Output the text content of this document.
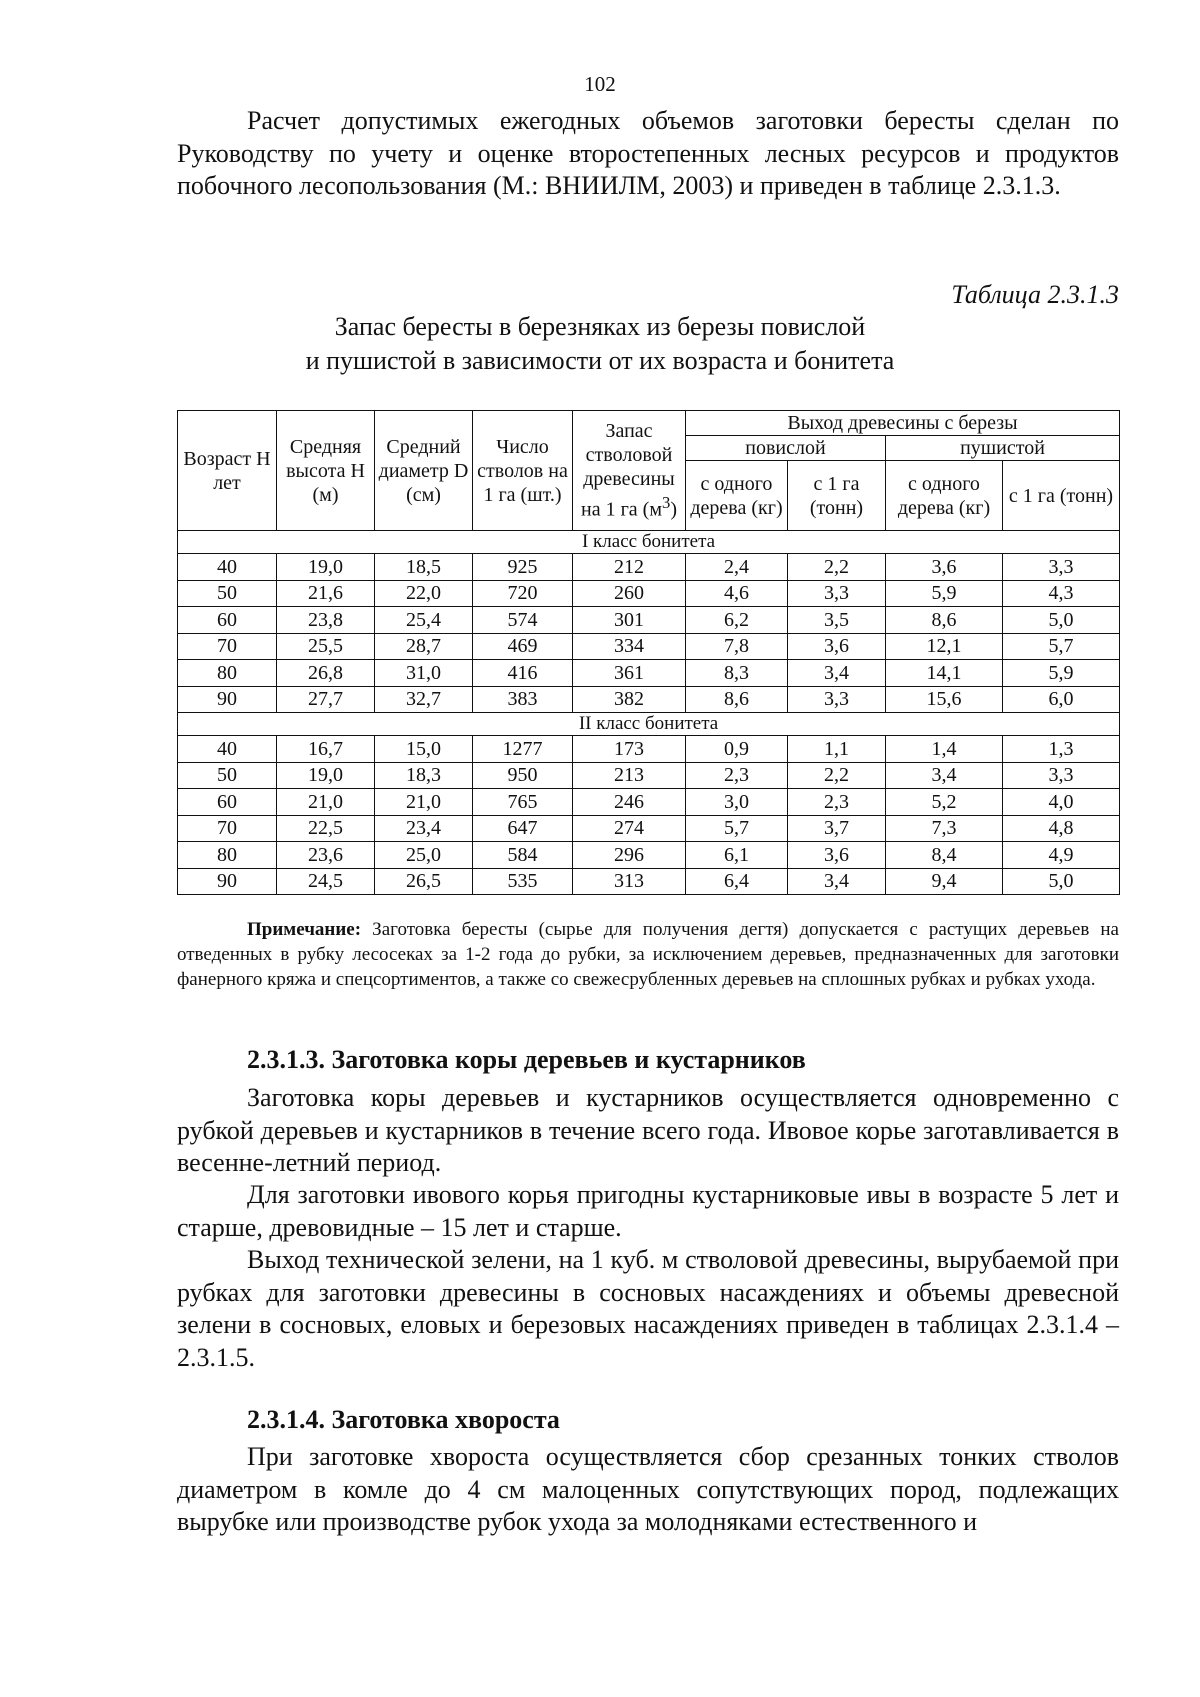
102

Расчет допустимых ежегодных объемов заготовки бересты сделан по Руководству по учету и оценке второстепенных лесных ресурсов и продуктов побочного лесопользования (М.: ВНИИЛМ, 2003) и приведен в таблице 2.3.1.3.

Таблица 2.3.1.3
Запас бересты в березняках из березы повислой
и пушистой в зависимости от их возраста и бонитета
Возраст Н лет	Средняя высота Н (м)	Средний диаметр D (см)	Число стволов на 1 га (шт.)	Запас стволовой древесины на 1 га $(м^3)$	Выход древесины с березы			
					повислой		пушистой	
					с одного дерева (кг)	с 1 га (тонн)	с одного дерева (кг)	с 1 га (тонн)
I класс бонитета								
40	19,0	18,5	925	212	2,4	2,2	3,6	3,3
50	21,6	22,0	720	260	4,6	3,3	5,9	4,3
60	23,8	25,4	574	301	6,2	3,5	8,6	5,0
70	25,5	28,7	469	334	7,8	3,6	12,1	5,7
80	26,8	31,0	416	361	8,3	3,4	14,1	5,9
90	27,7	32,7	383	382	8,6	3,3	15,6	6,0
II класс бонитета								
40	16,7	15,0	1277	173	0,9	1,1	1,4	1,3
50	19,0	18,3	950	213	2,3	2,2	3,4	3,3
60	21,0	21,0	765	246	3,0	2,3	5,2	4,0
70	22,5	23,4	647	274	5,7	3,7	7,3	4,8
80	23,6	25,0	584	296	6,1	3,6	8,4	4,9
90	24,5	26,5	535	313	6,4	3,4	9,4	5,0

Примечание: Заготовка бересты (сырье для получения дегтя) допускается с растущих деревьев на отведенных в рубку лесосеках за 1-2 года до рубки, за исключением деревьев, предназначенных для заготовки фанерного кряжа и спецсортиментов, а также со свежесрубленных деревьев на сплошных рубках и рубках ухода.

2.3.1.3. Заготовка коры деревьев и кустарников

Заготовка коры деревьев и кустарников осуществляется одновременно с рубкой деревьев и кустарников в течение всего года. Ивовое корье заготавливается в весенне-летний период.

Для заготовки ивового корья пригодны кустарниковые ивы в возрасте 5 лет и старше, древовидные – 15 лет и старше.

Выход технической зелени, на 1 куб. м стволовой древесины, вырубаемой при рубках для заготовки древесины в сосновых насаждениях и объемы древесной зелени в сосновых, еловых и березовых насаждениях приведен в таблицах 2.3.1.4 – 2.3.1.5.

2.3.1.4. Заготовка хвороста

При заготовке хвороста осуществляется сбор срезанных тонких стволов диаметром в комле до 4 см малоценных сопутствующих пород, подлежащих вырубке или производстве рубок ухода за молодняками естественного и
